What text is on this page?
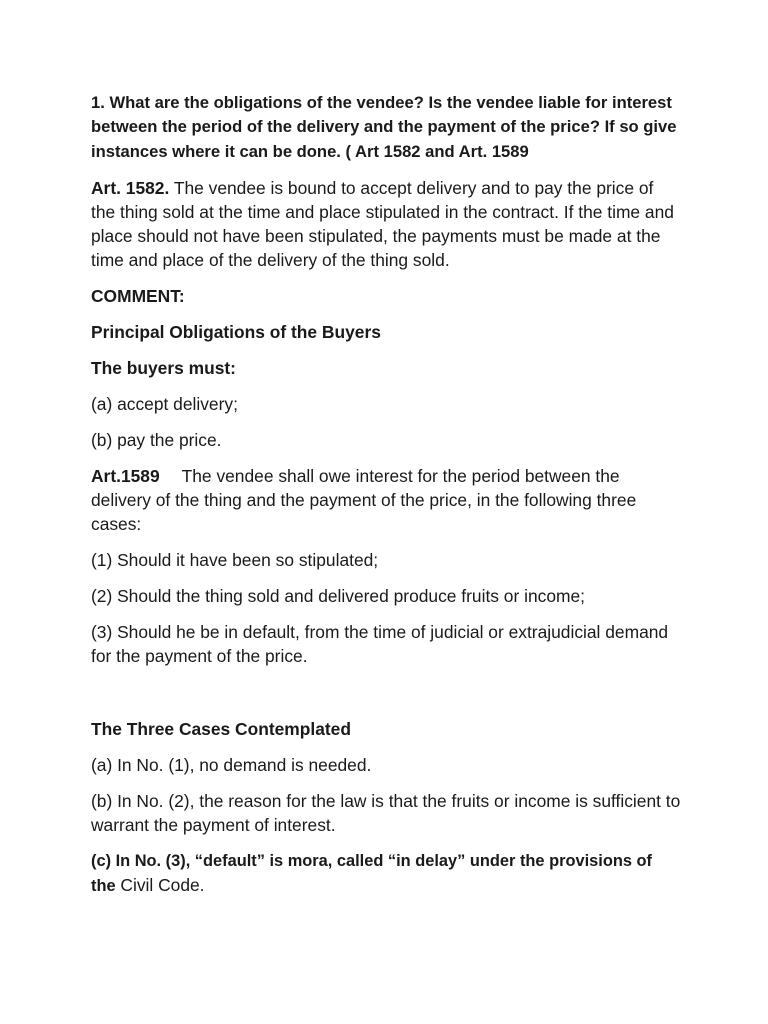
1. What are the obligations of the vendee? Is the vendee liable for interest between the period of the delivery and the payment of the price? If so give instances where it can be done. ( Art 1582 and Art. 1589

Art. 1582. The vendee is bound to accept delivery and to pay the price of the thing sold at the time and place stipulated in the contract. If the time and place should not have been stipulated, the payments must be made at the time and place of the delivery of the thing sold.

COMMENT:

Principal Obligations of the Buyers

The buyers must:

(a) accept delivery;

(b) pay the price.

Art.1589 The vendee shall owe interest for the period between the delivery of the thing and the payment of the price, in the following three cases:

(1) Should it have been so stipulated;

(2) Should the thing sold and delivered produce fruits or income;

(3) Should he be in default, from the time of judicial or extrajudicial demand for the payment of the price.

The Three Cases Contemplated

(a) In No. (1), no demand is needed.

(b) In No. (2), the reason for the law is that the fruits or income is sufficient to warrant the payment of interest.

(c) In No. (3), “default” is mora, called “in delay” under the provisions of the Civil Code.
